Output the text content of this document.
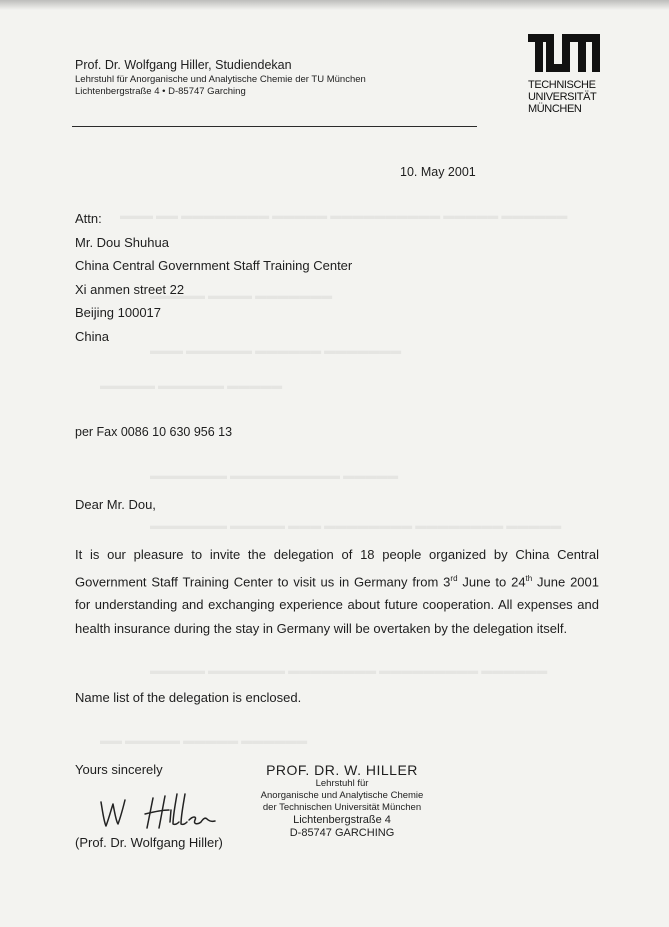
▬▬▬ ▬▬ ▬▬▬▬▬▬▬▬ ▬▬▬▬▬ ▬▬▬▬▬▬▬▬▬▬ ▬▬▬▬▬ ▬▬▬▬▬▬
▬▬▬▬▬ ▬▬▬▬ ▬▬▬▬▬▬▬
▬▬▬ ▬▬▬▬▬▬ ▬▬▬▬▬▬ ▬▬▬▬▬▬▬
▬▬▬▬▬ ▬▬▬▬▬▬ ▬▬▬▬▬
▬▬▬▬▬▬▬ ▬▬▬▬▬▬▬▬▬▬ ▬▬▬▬▬
▬▬▬▬▬▬▬ ▬▬▬▬▬ ▬▬▬ ▬▬▬▬▬▬▬▬ ▬▬▬▬▬▬▬▬ ▬▬▬▬▬
▬▬▬▬▬ ▬▬▬▬▬▬▬ ▬▬▬▬▬▬▬▬ ▬▬▬▬▬▬▬▬▬ ▬▬▬▬▬▬
▬▬ ▬▬▬▬▬ ▬▬▬▬▬ ▬▬▬▬▬▬
Prof. Dr. Wolfgang Hiller, Studiendekan
Lehrstuhl für Anorganische und Analytische Chemie der TU München
Lichtenbergstraße 4 • D-85747 Garching
TECHNISCHE
UNIVERSITÄT
MÜNCHEN
10. May 2001
Attn:
Mr. Dou Shuhua
China Central Government Staff Training Center
Xi anmen street 22
Beijing 100017
China
per Fax 0086 10 630 956 13
Dear Mr. Dou,
It is our pleasure to invite the delegation of 18 people organized by China Central Government Staff Training Center to visit us in Germany from 3rd June to 24th June 2001 for understanding and exchanging experience about future cooperation. All expenses and health insurance during the stay in Germany will be overtaken by the delegation itself.
Name list of the delegation is enclosed.
Yours sincerely
(Prof. Dr. Wolfgang Hiller)
PROF. DR. W. HILLER
Lehrstuhl für
Anorganische und Analytische Chemie
der Technischen Universität München
Lichtenbergstraße 4
D-85747 GARCHING
